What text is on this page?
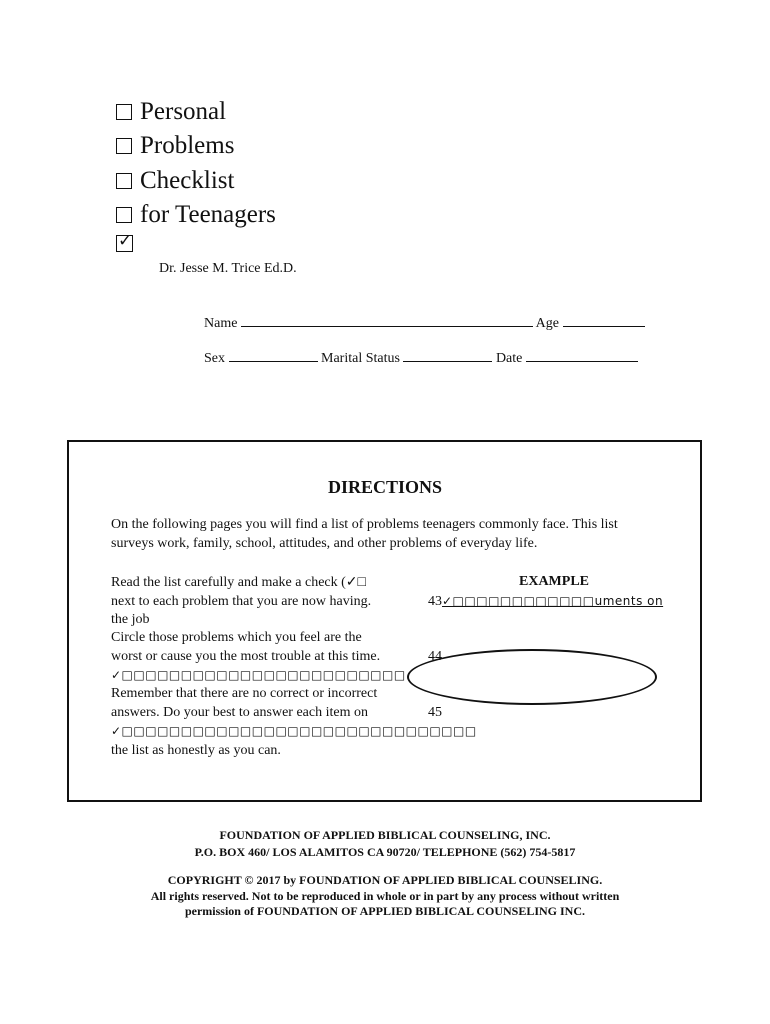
Personal
Problems
Checklist
for Teenagers
✓
Dr. Jesse M. Trice Ed.D.
Name	Age
Sex	Marital Status	Date
DIRECTIONS
On the following pages you will find a list of problems teenagers commonly face. This list
surveys work, family, school, attitudes, and other problems of everyday life.
Read the list carefully and make a check (✓□
next to each problem that you are now having.
the job
Circle those problems which you feel are the
worst or cause you the most trouble at this time.
✓□□□□□□□□□□□□□□□□□□□□□□□□
Remember that there are no correct or incorrect
answers. Do your best to answer each item on
✓□□□□□□□□□□□□□□□□□□□□□□□□□□□□□□
the list as honestly as you can.
EXAMPLE
43✓□□□□□□□□□□□□uments on
44
45
FOUNDATION OF APPLIED BIBLICAL COUNSELING, INC.
P.O. BOX 460/ LOS ALAMITOS CA 90720/ TELEPHONE (562) 754-5817
COPYRIGHT © 2017 by FOUNDATION OF APPLIED BIBLICAL COUNSELING.
All rights reserved. Not to be reproduced in whole or in part by any process without written
permission of FOUNDATION OF APPLIED BIBLICAL COUNSELING INC.
